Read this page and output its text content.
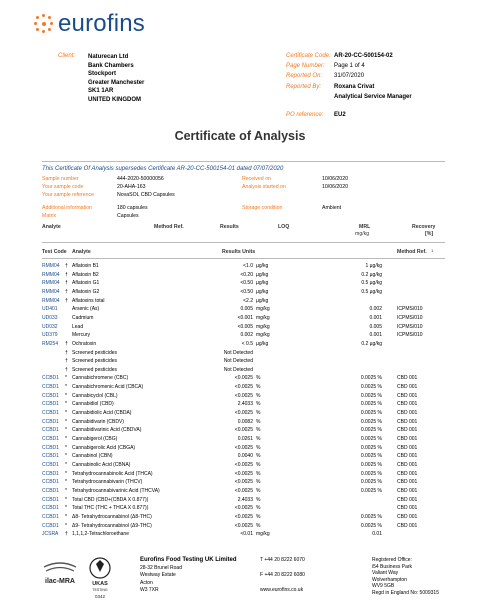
eurofins
Client: Naturecan Ltd
Bank Chambers
Stockport
Greater Manchester
SK1 1AR
UNITED KINGDOM
Certificate Code: AR-20-CC-500154-02
Page Number: Page 1 of 4
Reported On: 31/07/2020
Reported By: Roxana Crivat
Analytical Service Manager
PO reference: EU2
Certificate of Analysis
This Certificate Of Analysis supersedes Certificate AR-20-CC-500154-01 dated 07/07/2020
Sample number	444-2020-50000056	Received on	10/06/2020
Your sample code	20-AHA-163	Analysis started on	10/06/2020
Your sample reference	NovaSOL CBD Capsules
Additional information	180 capsules	Storage condition	Ambient
Matrix	Capsules
Analyte	Method Ref.	Results	LOQ	MRL
mg/kg
Recovery
[%]
Test Code Analyte	Results Units	Method Ref. 1
RMM04 † Aflatoxin B1	<1.0 µg/kg	1 µg/kg
RMM04 † Aflatoxin B2	<0.20 µg/kg	0.2 µg/kg
RMM04 † Aflatoxin G1	<0.50 µg/kg	0.5 µg/kg
RMM04 † Aflatoxin G2	<0.50 µg/kg	0.5 µg/kg
RMM04 † Aflatoxins total	<2.2 µg/kg
UD401	Arsenic (As)	0.005 mg/kg	0.002	ICPMS/010
UD033	Cadmium	<0.001 mg/kg	0.001	ICPMS/010
UD032	Lead	<0.005 mg/kg	0.005	ICPMS/010
UD379	Mercury	0.002 mg/kg	0.001	ICPMS/010
RM254 † Ochratoxin	< 0.5 µg/kg	0.2 µg/kg
† Screened pesticides	Not Detected
† Screened pesticides	Not Detected
† Screened pesticides	Not Detected
CCBD1 * Cannabichromene (CBC)	<0.0025 %	0.0025 %	CBD 001
CCBD1 * Cannabichromenic Acid (CBCA)	<0.0025 %	0.0025 %	CBD 001
CCBD1 * Cannabicyclol (CBL)	<0.0025 %	0.0025 %	CBD 001
CCBD1 * Cannabidiol (CBD)	2.4033 %	0.0025 %	CBD 001
CCBD1 * Cannabidiolic Acid (CBDA)	<0.0025 %	0.0025 %	CBD 001
CCBD1 * Cannabidivarin (CBDV)	0.0082 %	0.0025 %	CBD 001
CCBD1 * Cannabidivarinic Acid (CBDVA)	<0.0025 %	0.0025 %	CBD 001
CCBD1 * Cannabigerol (CBG)	0.0261 %	0.0025 %	CBD 001
CCBD1 * Cannabigerolic Acid (CBGA)	<0.0025 %	0.0025 %	CBD 001
CCBD1 * Cannabinol (CBN)	0.0040 %	0.0025 %	CBD 001
CCBD1 * Cannabinolic Acid (CBNA)	<0.0025 %	0.0025 %	CBD 001
CCBD1 * Tetrahydrocannabinolic Acid (THCA)	<0.0025 %	0.0025 %	CBD 001
CCBD1 * Tetrahydrocannabivarin (THCV)	<0.0025 %	0.0025 %	CBD 001
CCBD1 * Tetrahydrocannabivarinic Acid (THCVA)	<0.0025 %	0.0025 %	CBD 001
CCBD1 * Total CBD (CBD+(CBDA X 0.877))	2.4033 %	CBD 001
CCBD1 * Total THC (THC + THCA X 0.877))	<0.0025 %	CBD 001
CCBD1 * Δ8- Tetrahydrocannabinol (Δ8-THC)	<0.0025 %	0.0025 %	CBD 001
CCBD1 * Δ9- Tetrahydrocannabinol (Δ9-THC)	<0.0025 %	0.0025 %	CBD 001
JCSRA † 1,1,1,2-Tetrachloroethane	<0.01 mg/kg	0.01
ilac-MRA	UKAS
TESTING
0342
Eurofins Food Testing UK Limited
28-32 Brunel Road
Westway Estate
Acton
W3 7XR
T +44 20 8222 6070

F +44 20 8222 6080

www.eurofins.co.uk
Registered Office:
i54 Business Park
Valiant Way
Wolverhampton
WV9 5GB
Regd in England No: 5009315
